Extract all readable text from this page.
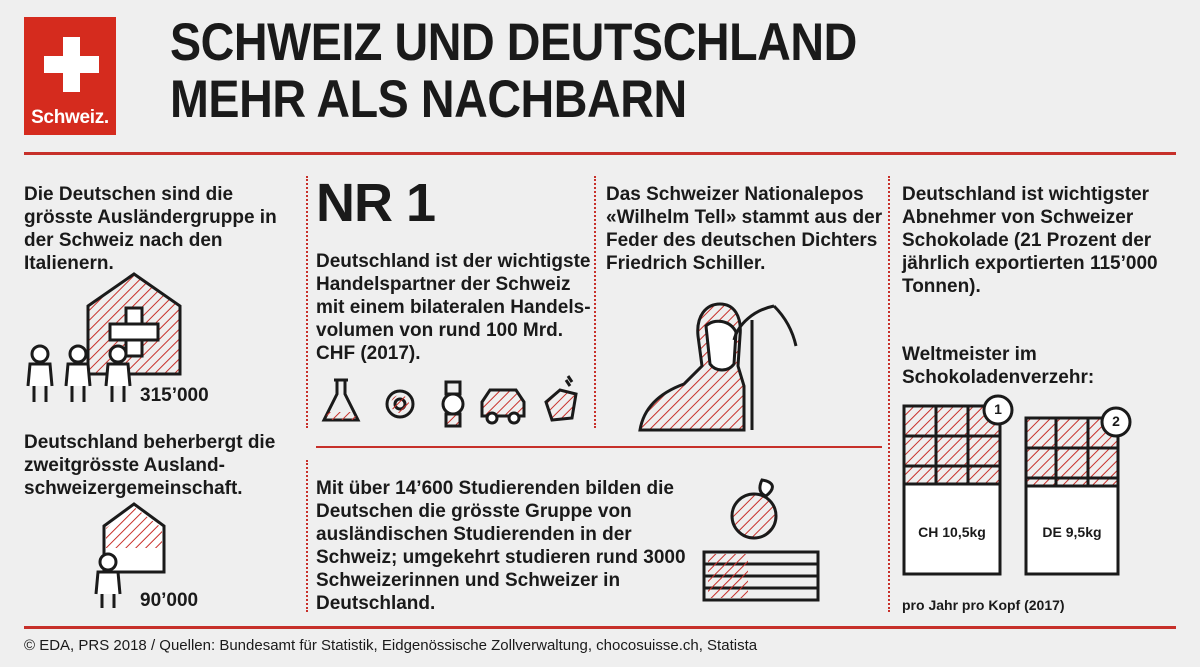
Schweiz.
SCHWEIZ UND DEUTSCHLAND
MEHR ALS NACHBARN
Die Deutschen sind die grösste Ausländergruppe in der Schweiz nach den Italienern.
315’000
Deutschland beherbergt die zweitgrösste Ausland-schweizergemeinschaft.
90’000
NR 1
Deutschland ist der wichtigste Handelspartner der Schweiz mit einem bilateralen Handels-volumen von rund 100 Mrd. CHF (2017).
Das Schweizer Nationalepos «Wilhelm Tell» stammt aus der Feder des deutschen Dichters Friedrich Schiller.
Mit über 14’600 Studierenden bilden die Deutschen die grösste Gruppe von ausländischen Studierenden in der Schweiz; umgekehrt studieren rund 3000 Schweizerinnen und Schweizer in Deutschland.
Deutschland ist wichtigster Abnehmer von Schweizer Schokolade (21 Prozent der jährlich exportierten 115’000 Tonnen).
Weltmeister im Schokoladenverzehr:
1
2
CH 10,5kg	DE 9,5kg
pro Jahr pro Kopf (2017)
© EDA, PRS 2018 / Quellen: Bundesamt für Statistik, Eidgenössische Zollverwaltung, chocosuisse.ch, Statista
